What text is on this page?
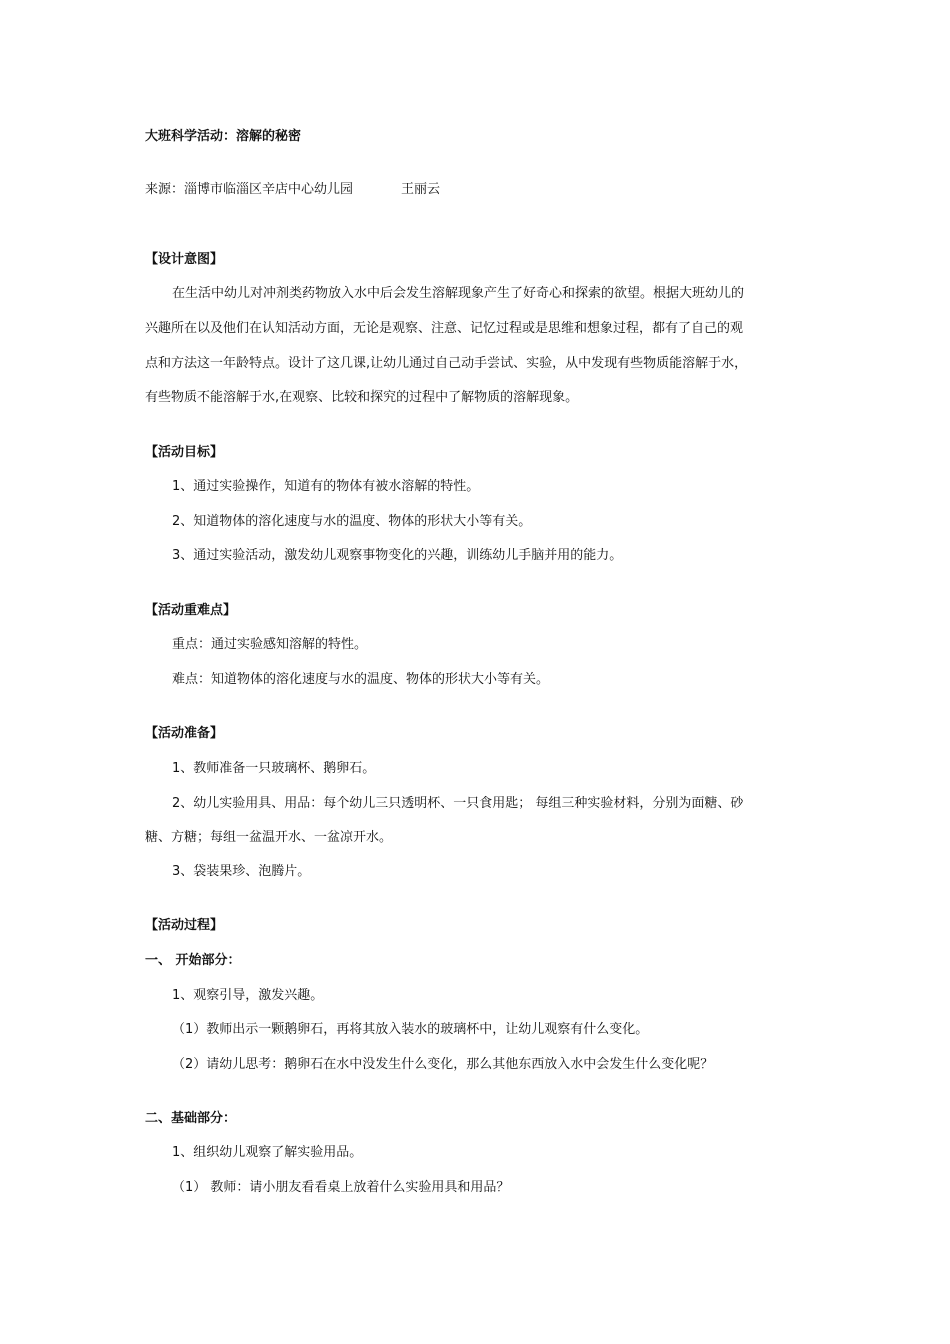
大班科学活动：溶解的秘密
来源：淄博市临淄区辛店中心幼儿园	王丽云
【设计意图】
在生活中幼儿对冲剂类药物放入水中后会发生溶解现象产生了好奇心和探索的欲望。根据大班幼儿的
兴趣所在以及他们在认知活动方面，无论是观察、注意、记忆过程或是思维和想象过程，都有了自己的观
点和方法这一年龄特点。设计了这几课,让幼儿通过自己动手尝试、实验，从中发现有些物质能溶解于水，
有些物质不能溶解于水,在观察、比较和探究的过程中了解物质的溶解现象。
【活动目标】
1、通过实验操作，知道有的物体有被水溶解的特性。
2、知道物体的溶化速度与水的温度、物体的形状大小等有关。
3、通过实验活动，激发幼儿观察事物变化的兴趣，训练幼儿手脑并用的能力。
【活动重难点】
重点：通过实验感知溶解的特性。
难点：知道物体的溶化速度与水的温度、物体的形状大小等有关。
【活动准备】
1、教师准备一只玻璃杯、鹅卵石。
2、幼儿实验用具、用品：每个幼儿三只透明杯、一只食用匙； 每组三种实验材料，分别为面糖、砂
糖、方糖；每组一盆温开水、一盆凉开水。
3、袋装果珍、泡腾片。
【活动过程】
一、 开始部分：
1、观察引导，激发兴趣。
（1）教师出示一颗鹅卵石，再将其放入装水的玻璃杯中，让幼儿观察有什么变化。
（2）请幼儿思考：鹅卵石在水中没发生什么变化，那么其他东西放入水中会发生什么变化呢？
二、基础部分：
1、组织幼儿观察了解实验用品。
（1） 教师：请小朋友看看桌上放着什么实验用具和用品？
